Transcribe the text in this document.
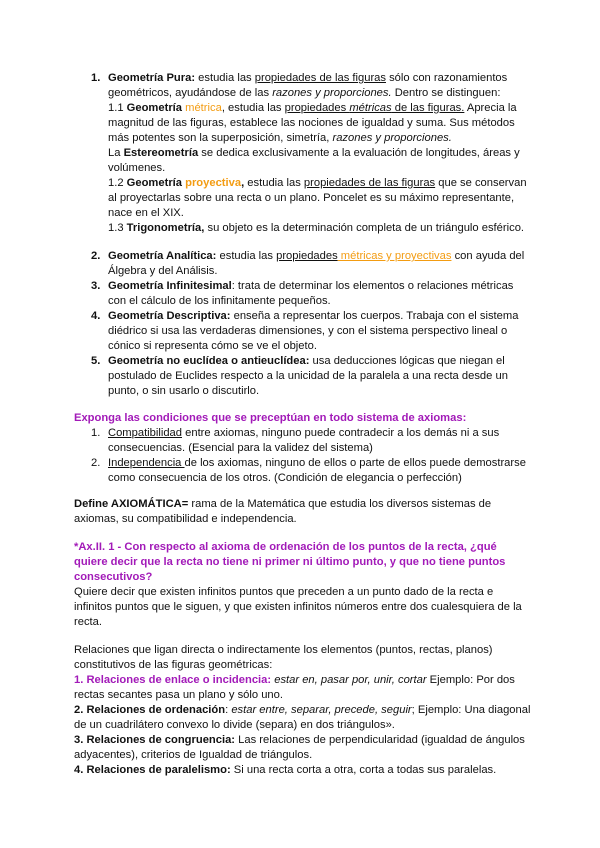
1. Geometría Pura: estudia las propiedades de las figuras sólo con razonamientos
geométricos, ayudándose de las razones y proporciones. Dentro se distinguen:
1.1 Geometría métrica, estudia las propiedades métricas de las figuras. Aprecia la
magnitud de las figuras, establece las nociones de igualdad y suma. Sus métodos
más potentes son la superposición, simetría, razones y proporciones.
La Estereometría se dedica exclusivamente a la evaluación de longitudes, áreas y
volúmenes.
1.2 Geometría proyectiva, estudia las propiedades de las figuras que se conservan
al proyectarlas sobre una recta o un plano. Poncelet es su máximo representante,
nace en el XIX.
1.3 Trigonometría, su objeto es la determinación completa de un triángulo esférico.
2. Geometría Analítica: estudia las propiedades métricas y proyectivas con ayuda del
Álgebra y del Análisis.
3. Geometría Infinitesimal: trata de determinar los elementos o relaciones métricas
con el cálculo de los infinitamente pequeños.
4. Geometría Descriptiva: enseña a representar los cuerpos. Trabaja con el sistema
diédrico si usa las verdaderas dimensiones, y con el sistema perspectivo lineal o
cónico si representa cómo se ve el objeto.
5. Geometría no euclídea o antieuclídea: usa deducciones lógicas que niegan el
postulado de Euclides respecto a la unicidad de la paralela a una recta desde un
punto, o sin usarlo o discutirlo.
Exponga las condiciones que se preceptúan en todo sistema de axiomas:
1. Compatibilidad entre axiomas, ninguno puede contradecir a los demás ni a sus
consecuencias. (Esencial para la validez del sistema)
2. Independencia de los axiomas, ninguno de ellos o parte de ellos puede demostrarse
como consecuencia de los otros. (Condición de elegancia o perfección)
Define AXIOMÁTICA= rama de la Matemática que estudia los diversos sistemas de
axiomas, su compatibilidad e independencia.
*Ax.II. 1 - Con respecto al axioma de ordenación de los puntos de la recta, ¿qué
quiere decir que la recta no tiene ni primer ni último punto, y que no tiene puntos
consecutivos?
Quiere decir que existen infinitos puntos que preceden a un punto dado de la recta e
infinitos puntos que le siguen, y que existen infinitos números entre dos cualesquiera de la
recta.
Relaciones que ligan directa o indirectamente los elementos (puntos, rectas, planos)
constitutivos de las figuras geométricas:
1. Relaciones de enlace o incidencia: estar en, pasar por, unir, cortar Ejemplo: Por dos
rectas secantes pasa un plano y sólo uno.
2. Relaciones de ordenación: estar entre, separar, precede, seguir; Ejemplo: Una diagonal
de un cuadrilátero convexo lo divide (separa) en dos triángulos».
3. Relaciones de congruencia: Las relaciones de perpendicularidad (igualdad de ángulos
adyacentes), criterios de Igualdad de triángulos.
4. Relaciones de paralelismo: Si una recta corta a otra, corta a todas sus paralelas.
